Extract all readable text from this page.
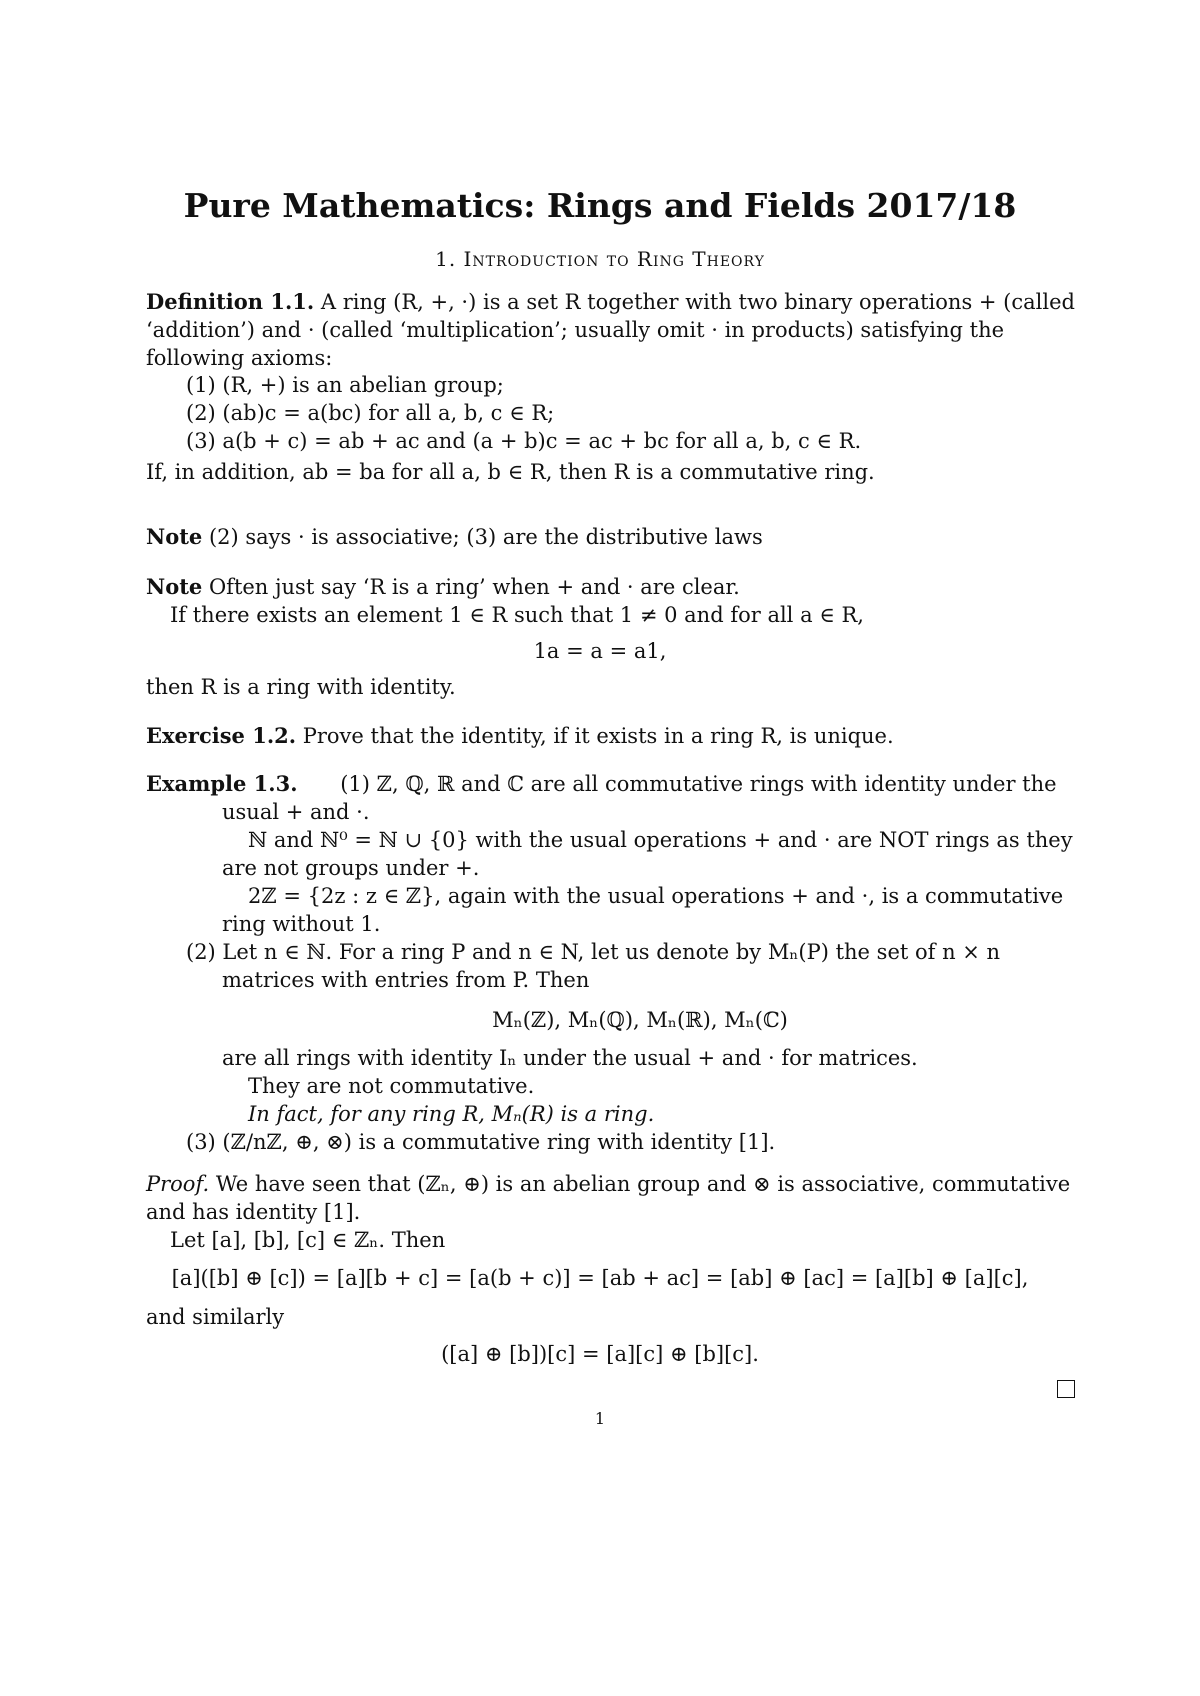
Pure Mathematics: Rings and Fields 2017/18
1. Introduction to Ring Theory

Definition 1.1. A ring (R, +, ·) is a set R together with two binary operations + (called ‘addition’) and · (called ‘multiplication’; usually omit · in products) satisfying the following axioms:

(1) (R, +) is an abelian group;
(2) (ab)c = a(bc) for all a, b, c ∈ R;
(3) a(b + c) = ab + ac and (a + b)c = ac + bc for all a, b, c ∈ R.

If, in addition, ab = ba for all a, b ∈ R, then R is a commutative ring.

Note (2) says · is associative; (3) are the distributive laws

Note Often just say ‘R is a ring’ when + and · are clear.

If there exists an element 1 ∈ R such that 1 ≠ 0 and for all a ∈ R,

1a = a = a1,

then R is a ring with identity.

Exercise 1.2. Prove that the identity, if it exists in a ring R, is unique.

Example 1.3. (1) ℤ, ℚ, ℝ and ℂ are all commutative rings with identity under the

usual + and ·.

ℕ and ℕ⁰ = ℕ ∪ {0} with the usual operations + and · are NOT rings as they

are not groups under +.

2ℤ = {2z : z ∈ ℤ}, again with the usual operations + and ·, is a commutative

ring without 1.

(2) Let n ∈ ℕ. For a ring P and n ∈ N, let us denote by Mₙ(P) the set of n × n

matrices with entries from P. Then

Mₙ(ℤ), Mₙ(ℚ), Mₙ(ℝ), Mₙ(ℂ)

are all rings with identity Iₙ under the usual + and · for matrices.

They are not commutative.

In fact, for any ring R, Mₙ(R) is a ring.

(3) (ℤ/nℤ, ⊕, ⊗) is a commutative ring with identity [1].

Proof. We have seen that (ℤₙ, ⊕) is an abelian group and ⊗ is associative, commutative

and has identity [1].

Let [a], [b], [c] ∈ ℤₙ. Then

[a]([b] ⊕ [c]) = [a][b + c] = [a(b + c)] = [ab + ac] = [ab] ⊕ [ac] = [a][b] ⊕ [a][c],

and similarly

([a] ⊕ [b])[c] = [a][c] ⊕ [b][c].

1
